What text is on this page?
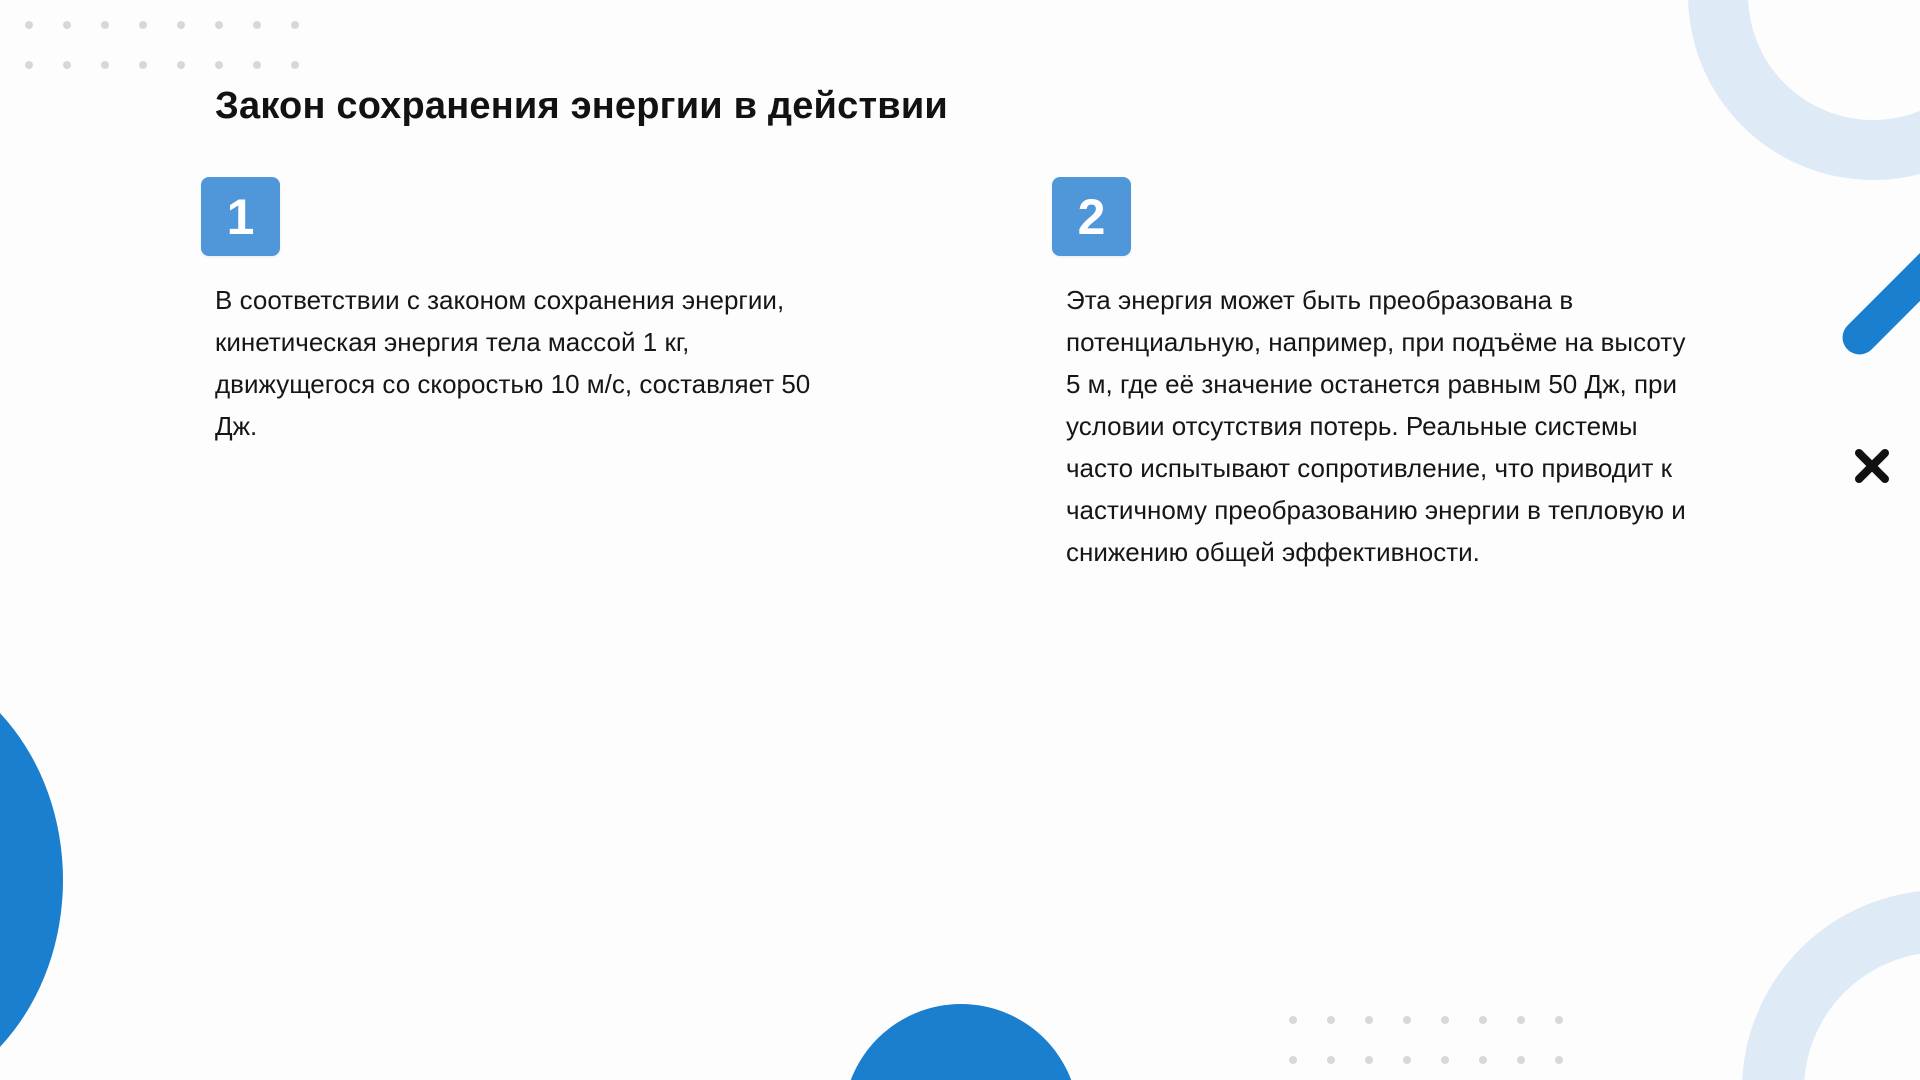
Закон сохранения энергии в действии
1

В соответствии с законом сохранения энергии, кинетическая энергия тела массой 1 кг, движущегося со скоростью 10 м/с, составляет 50 Дж.

2

Эта энергия может быть преобразована в потенциальную, например, при подъёме на высоту 5 м, где её значение останется равным 50 Дж, при условии отсутствия потерь. Реальные системы часто испытывают сопротивление, что приводит к частичному преобразованию энергии в тепловую и снижению общей эффективности.
